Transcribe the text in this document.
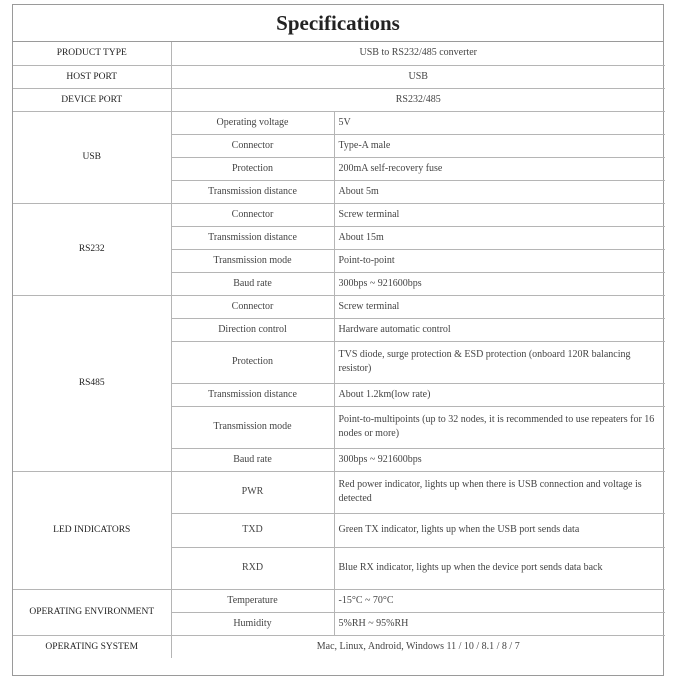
Specifications
PRODUCT TYPE	USB to RS232/485 converter	
HOST PORT	USB	
DEVICE PORT	RS232/485	
USB	Operating voltage	5V
	Connector	Type-A male
	Protection	200mA self-recovery fuse
	Transmission distance	About 5m
RS232	Connector	Screw terminal
	Transmission distance	About 15m
	Transmission mode	Point-to-point
	Baud rate	300bps ~ 921600bps
RS485	Connector	Screw terminal
	Direction control	Hardware automatic control
	Protection	TVS diode, surge protection & ESD protection (onboard 120R balancing resistor)
	Transmission distance	About 1.2km(low rate)
	Transmission mode	Point-to-multipoints (up to 32 nodes, it is recommended to use repeaters for 16 nodes or more)
	Baud rate	300bps ~ 921600bps
LED INDICATORS	PWR	Red power indicator, lights up when there is USB connection and voltage is detected
	TXD	Green TX indicator, lights up when the USB port sends data
	RXD	Blue RX indicator, lights up when the device port sends data back
OPERATING ENVIRONMENT	Temperature	-15°C ~ 70°C
	Humidity	5%RH ~ 95%RH
OPERATING SYSTEM	Mac, Linux, Android, Windows 11 / 10 / 8.1 / 8 / 7	
